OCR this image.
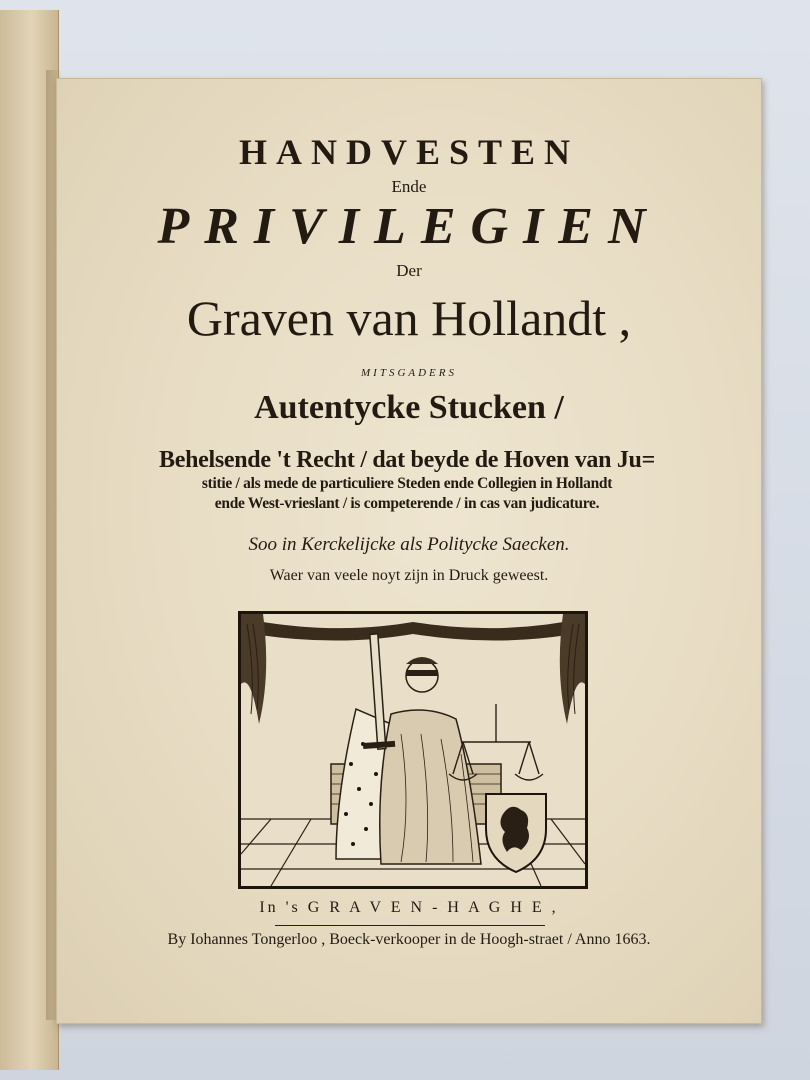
HANDVESTEN
Ende
PRIVILEGIEN
Der
Graven van Hollandt ,
MITSGADERS
Autentycke Stucken /
Behelsende 't Recht / dat beyde de Hoven van Ju=
stitie / als mede de particuliere Steden ende Collegien in Hollandt
ende West-vrieslant / is competerende / in cas van judicature.
Soo in Kerckelijcke als Politycke Saecken.
Waer van veele noyt zijn in Druck geweest.
In 's G R A V E N - H A G H E ,
By Iohannes Tongerloo , Boeck-verkooper in de Hoogh-straet / Anno 1663.
